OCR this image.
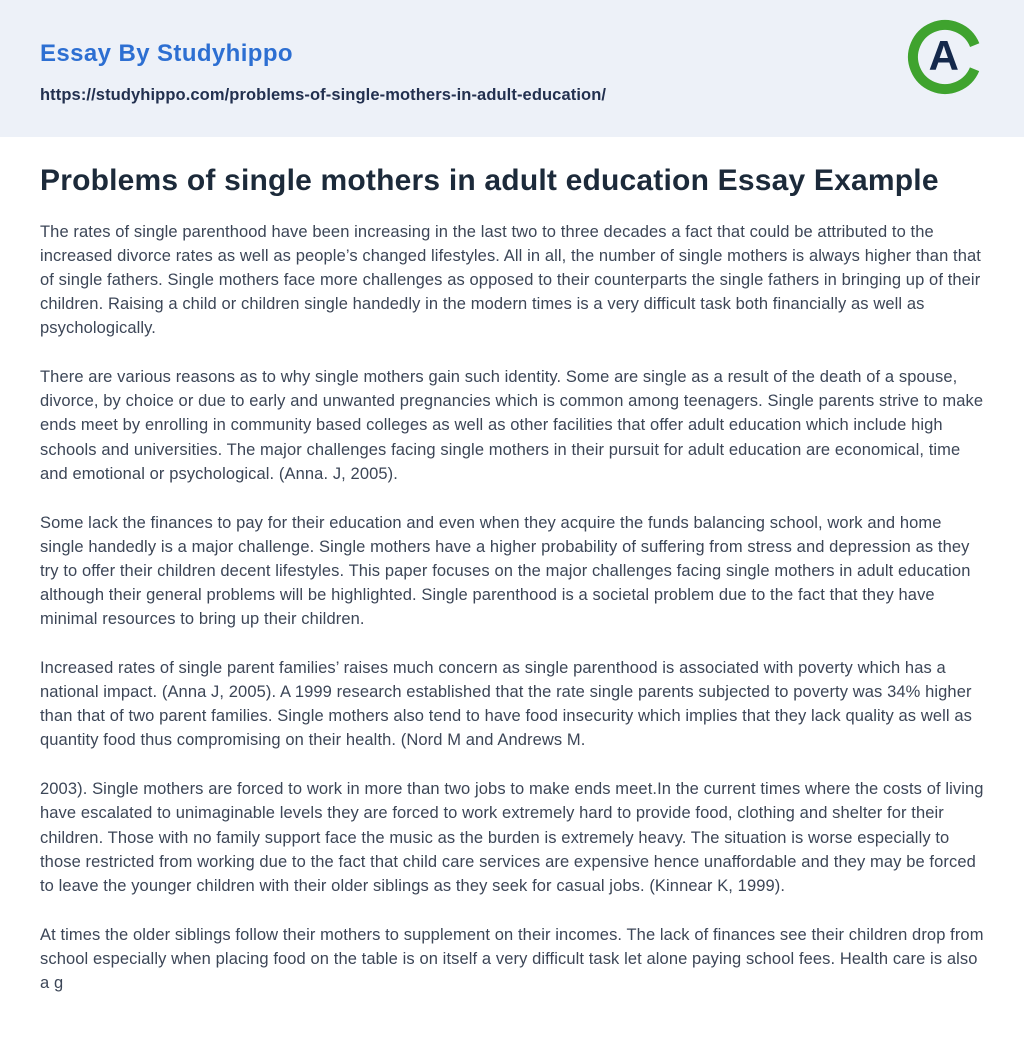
Essay By Studyhippo
https://studyhippo.com/problems-of-single-mothers-in-adult-education/
A
Problems of single mothers in adult education Essay Example

The rates of single parenthood have been increasing in the last two to three decades a fact that could be attributed to the increased divorce rates as well as people’s changed lifestyles. All in all, the number of single mothers is always higher than that of single fathers. Single mothers face more challenges as opposed to their counterparts the single fathers in bringing up of their children. Raising a child or children single handedly in the modern times is a very difficult task both financially as well as psychologically.

There are various reasons as to why single mothers gain such identity. Some are single as a result of the death of a spouse, divorce, by choice or due to early and unwanted pregnancies which is common among teenagers. Single parents strive to make ends meet by enrolling in community based colleges as well as other facilities that offer adult education which include high schools and universities. The major challenges facing single mothers in their pursuit for adult education are economical, time and emotional or psychological. (Anna. J, 2005).

Some lack the finances to pay for their education and even when they acquire the funds balancing school, work and home single handedly is a major challenge. Single mothers have a higher probability of suffering from stress and depression as they try to offer their children decent lifestyles. This paper focuses on the major challenges facing single mothers in adult education although their general problems will be highlighted. Single parenthood is a societal problem due to the fact that they have minimal resources to bring up their children.

Increased rates of single parent families’ raises much concern as single parenthood is associated with poverty which has a national impact. (Anna J, 2005). A 1999 research established that the rate single parents subjected to poverty was 34% higher than that of two parent families. Single mothers also tend to have food insecurity which implies that they lack quality as well as quantity food thus compromising on their health. (Nord M and Andrews M.

2003). Single mothers are forced to work in more than two jobs to make ends meet.In the current times where the costs of living have escalated to unimaginable levels they are forced to work extremely hard to provide food, clothing and shelter for their children. Those with no family support face the music as the burden is extremely heavy. The situation is worse especially to those restricted from working due to the fact that child care services are expensive hence unaffordable and they may be forced to leave the younger children with their older siblings as they seek for casual jobs. (Kinnear K, 1999).

At times the older siblings follow their mothers to supplement on their incomes. The lack of finances see their children drop from school especially when placing food on the table is on itself a very difficult task let alone paying school fees. Health care is also a g
